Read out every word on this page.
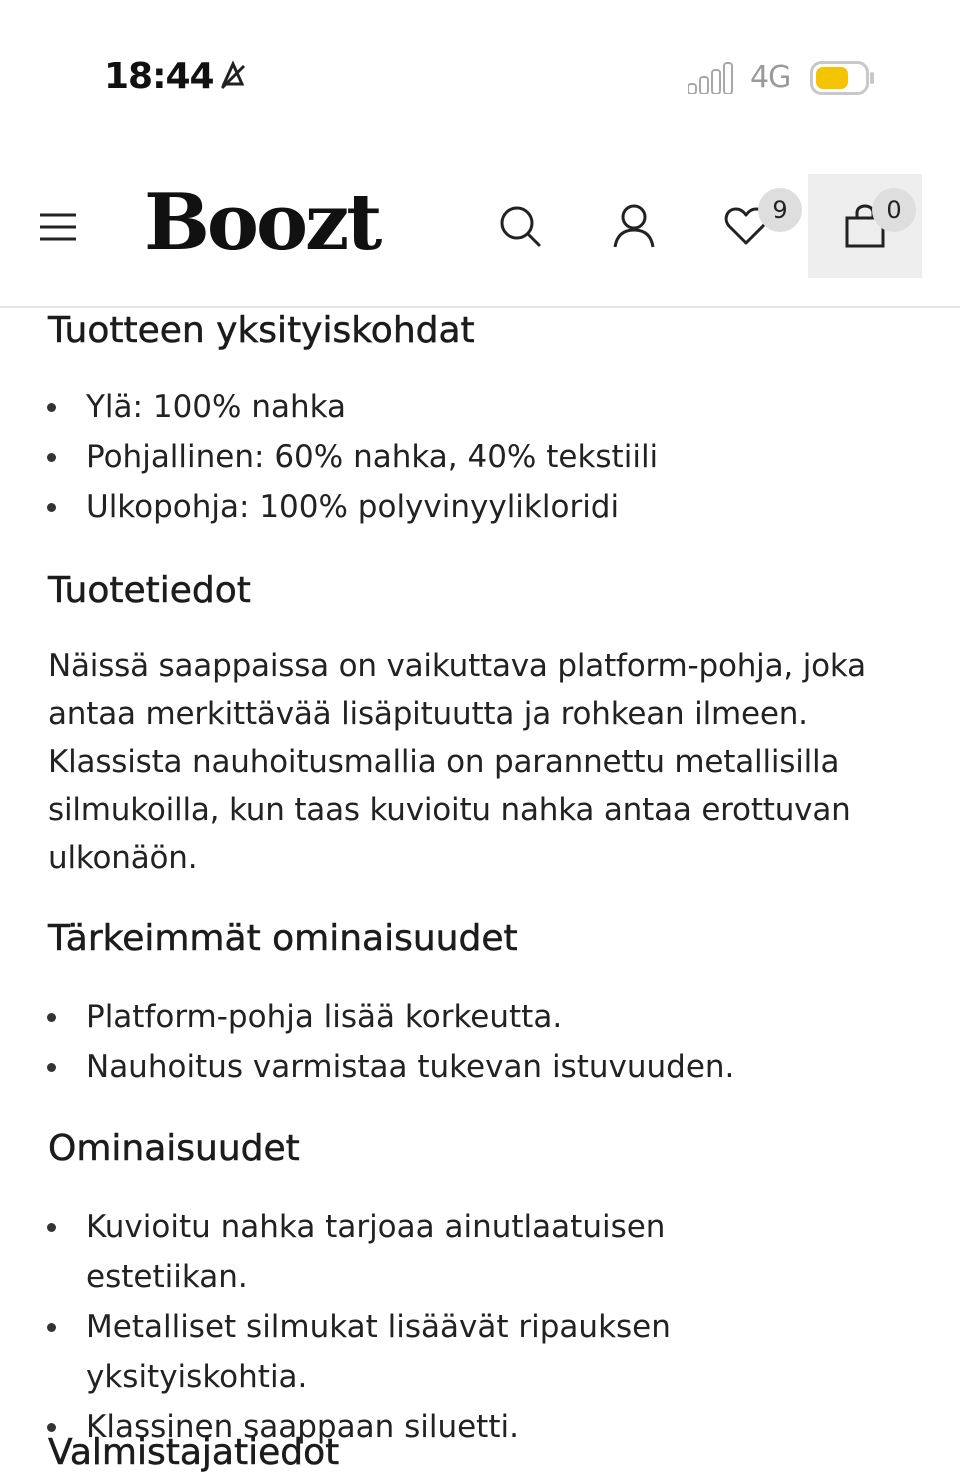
18:44	4G
Boozt	9	0
Tuotteen yksityiskohdat
Ylä: 100% nahka
Pohjallinen: 60% nahka, 40% tekstiili
Ulkopohja: 100% polyvinyylikloridi
Tuotetiedot

Näissä saappaissa on vaikuttava platform-pohja, joka antaa merkittävää lisäpituutta ja rohkean ilmeen. Klassista nauhoitusmallia on parannettu metallisilla silmukoilla, kun taas kuvioitu nahka antaa erottuvan ulkonäön.

Tärkeimmät ominaisuudet
Platform-pohja lisää korkeutta.
Nauhoitus varmistaa tukevan istuvuuden.
Ominaisuudet
Kuvioitu nahka tarjoaa ainutlaatuisen estetiikan.
Metalliset silmukat lisäävät ripauksen yksityiskohtia.
Klassinen saappaan siluetti.
Valmistajatiedot
